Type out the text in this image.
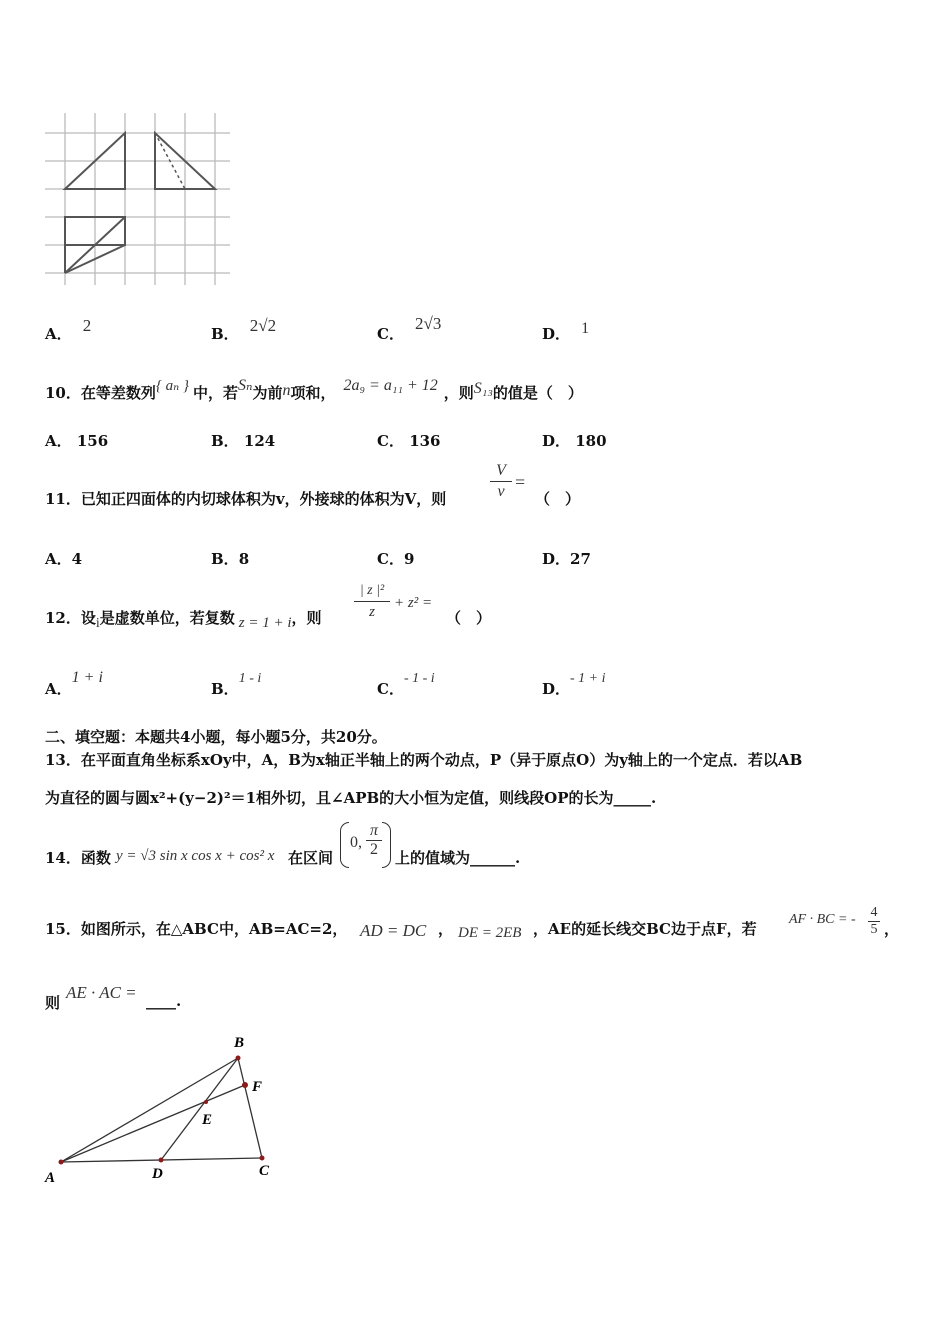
A． 2	B． 2√2	C． 2√3
D． 1
10．在等差数列{ aₙ } 中，若Sₙ为前n项和， 2a₉ = a₁₁ + 12 ，则S₁₃的值是（　）
A． 156	B． 124	C． 136	D． 180
11．已知正四面体的内切球体积为v，外接球的体积为V，则
V
v =
（　）
A．4	B．8	C．9	D．27
12．设i是虚数单位，若复数 z = 1 + i，则
| z |²
z
+ z² =
（　）
A．1 + i
B．1 - i
C．- 1 - i
D．- 1 + i
二、填空题：本题共4小题，每小题5分，共20分。
13．在平面直角坐标系xOy中，A，B为x轴正半轴上的两个动点，P（异于原点O）为y轴上的一个定点．若以AB
为直径的圆与圆x²+(y−2)²＝1相外切，且∠APB的大小恒为定值，则线段OP的长为_____.
14．函数 y = √3 sin x cos x + cos² x 在区间
0,
π
2 上的值域为______.
15．如图所示，在△ABC中，AB=AC=2， AD = DC ， DE = 2EB ，AE的延长线交BC边于点F，若
AF · BC = - 4
5 ，
则
AE · AC = ____.
B
F
E
A	D	C
